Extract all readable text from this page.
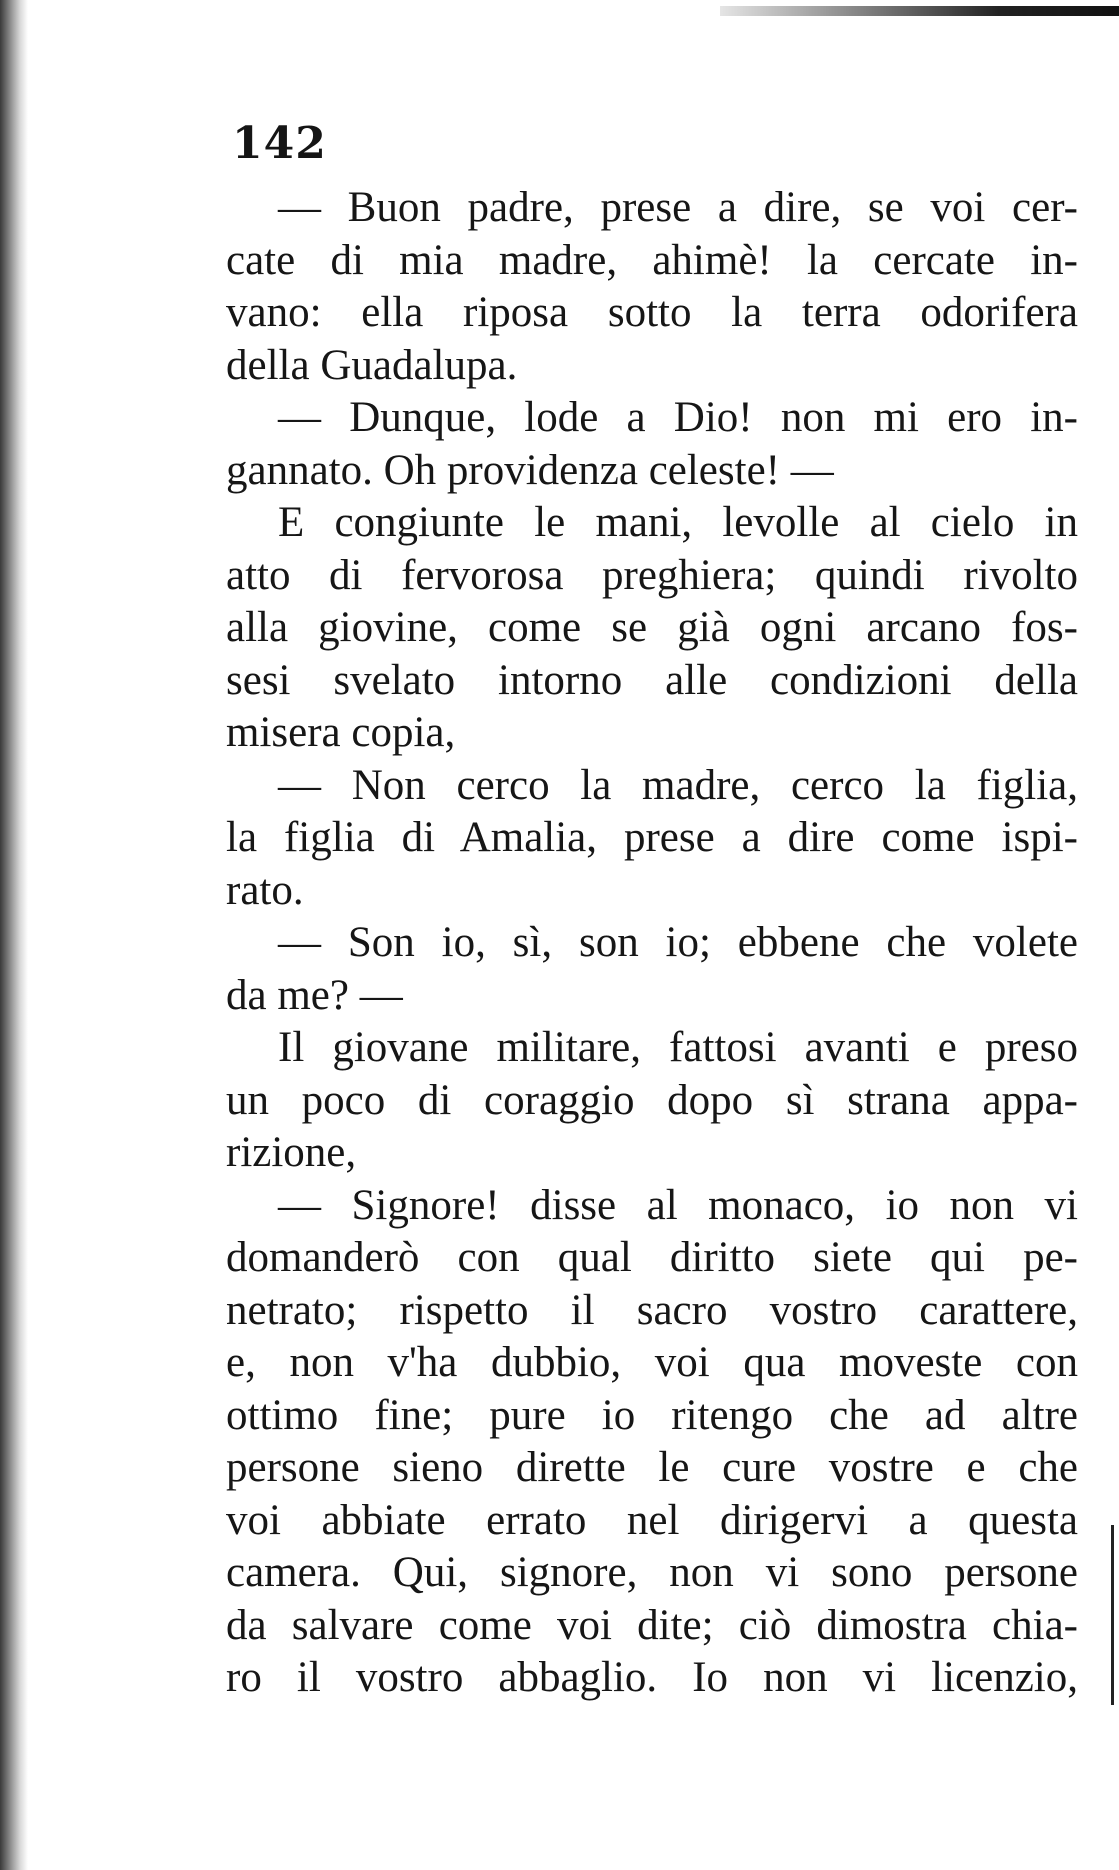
142
— Buon padre, prese a dire, se voi cer-
cate di mia madre, ahimè! la cercate in-
vano: ella riposa sotto la terra odorifera
della Guadalupa.
— Dunque, lode a Dio! non mi ero in-
gannato. Oh providenza celeste! —
E congiunte le mani, levolle al cielo in
atto di fervorosa preghiera; quindi rivolto
alla giovine, come se già ogni arcano fos-
sesi svelato intorno alle condizioni della
misera copia,
— Non cerco la madre, cerco la figlia,
la figlia di Amalia, prese a dire come ispi-
rato.
— Son io, sì, son io; ebbene che volete
da me? —
Il giovane militare, fattosi avanti e preso
un poco di coraggio dopo sì strana appa-
rizione,
— Signore! disse al monaco, io non vi
domanderò con qual diritto siete qui pe-
netrato; rispetto il sacro vostro carattere,
e, non v'ha dubbio, voi qua moveste con
ottimo fine; pure io ritengo che ad altre
persone sieno dirette le cure vostre e che
voi abbiate errato nel dirigervi a questa
camera. Qui, signore, non vi sono persone
da salvare come voi dite; ciò dimostra chia-
ro il vostro abbaglio. Io non vi licenzio,
